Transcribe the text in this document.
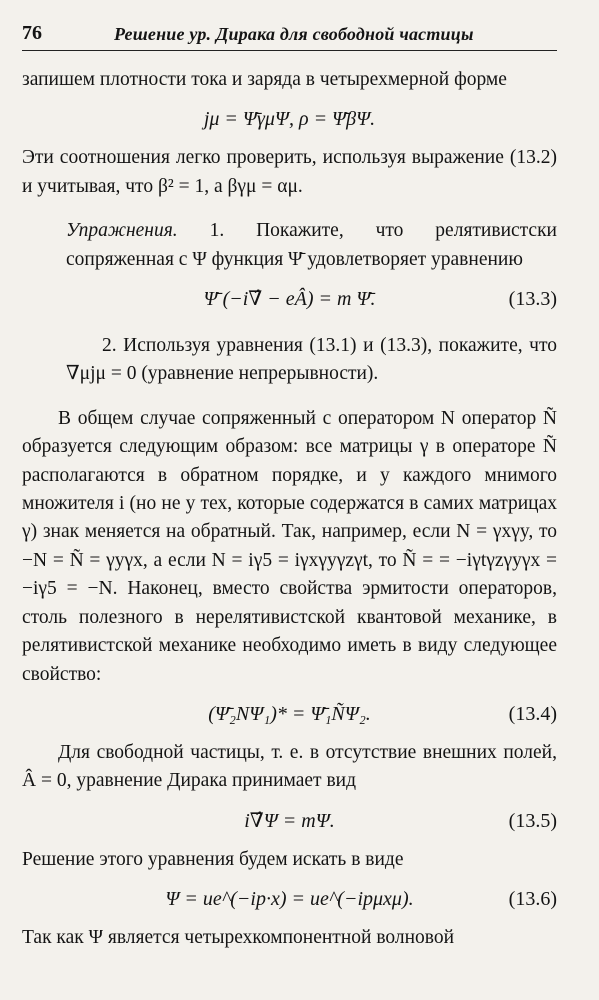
76	Решение ур. Дирака для свободной частицы

запишем плотности тока и заряда в четырехмерной форме

jμ = Ψ̄γμΨ, ρ = Ψ̄βΨ.

Эти соотношения легко проверить, используя выражение (13.2) и учитывая, что β² = 1, а βγμ = αμ.

Упражнения. 1. Покажите, что релятивистски сопряженная с Ψ функция Ψ̄ удовлетворяет уравнению

Ψ̄ (−i∇̂ − eÂ) = m Ψ̄.	(13.3)

2. Используя уравнения (13.1) и (13.3), покажите, что ∇μjμ = 0 (уравнение непрерывности).

В общем случае сопряженный с оператором N оператор Ñ образуется следующим образом: все матрицы γ в операторе Ñ располагаются в обратном порядке, и у каждого мнимого множителя i (но не у тех, которые содержатся в самих матрицах γ) знак меняется на обратный. Так, например, если N = γxγy, то −N = Ñ = γyγx, а если N = iγ5 = iγxγyγzγt, то Ñ = = −iγtγzγyγx = −iγ5 = −N. Наконец, вместо свойства эрмитости операторов, столь полезного в нерелятивистской квантовой механике, в релятивистской механике необходимо иметь в виду следующее свойство:

(Ψ̄₂NΨ₁)* = Ψ̄₁ÑΨ₂.	(13.4)

Для свободной частицы, т. е. в отсутствие внешних полей, Â = 0, уравнение Дирака принимает вид

i∇̂Ψ = mΨ.	(13.5)

Решение этого уравнения будем искать в виде

Ψ = ue^(−ip·x) = ue^(−ipμxμ).	(13.6)

Так как Ψ является четырехкомпонентной волновой
